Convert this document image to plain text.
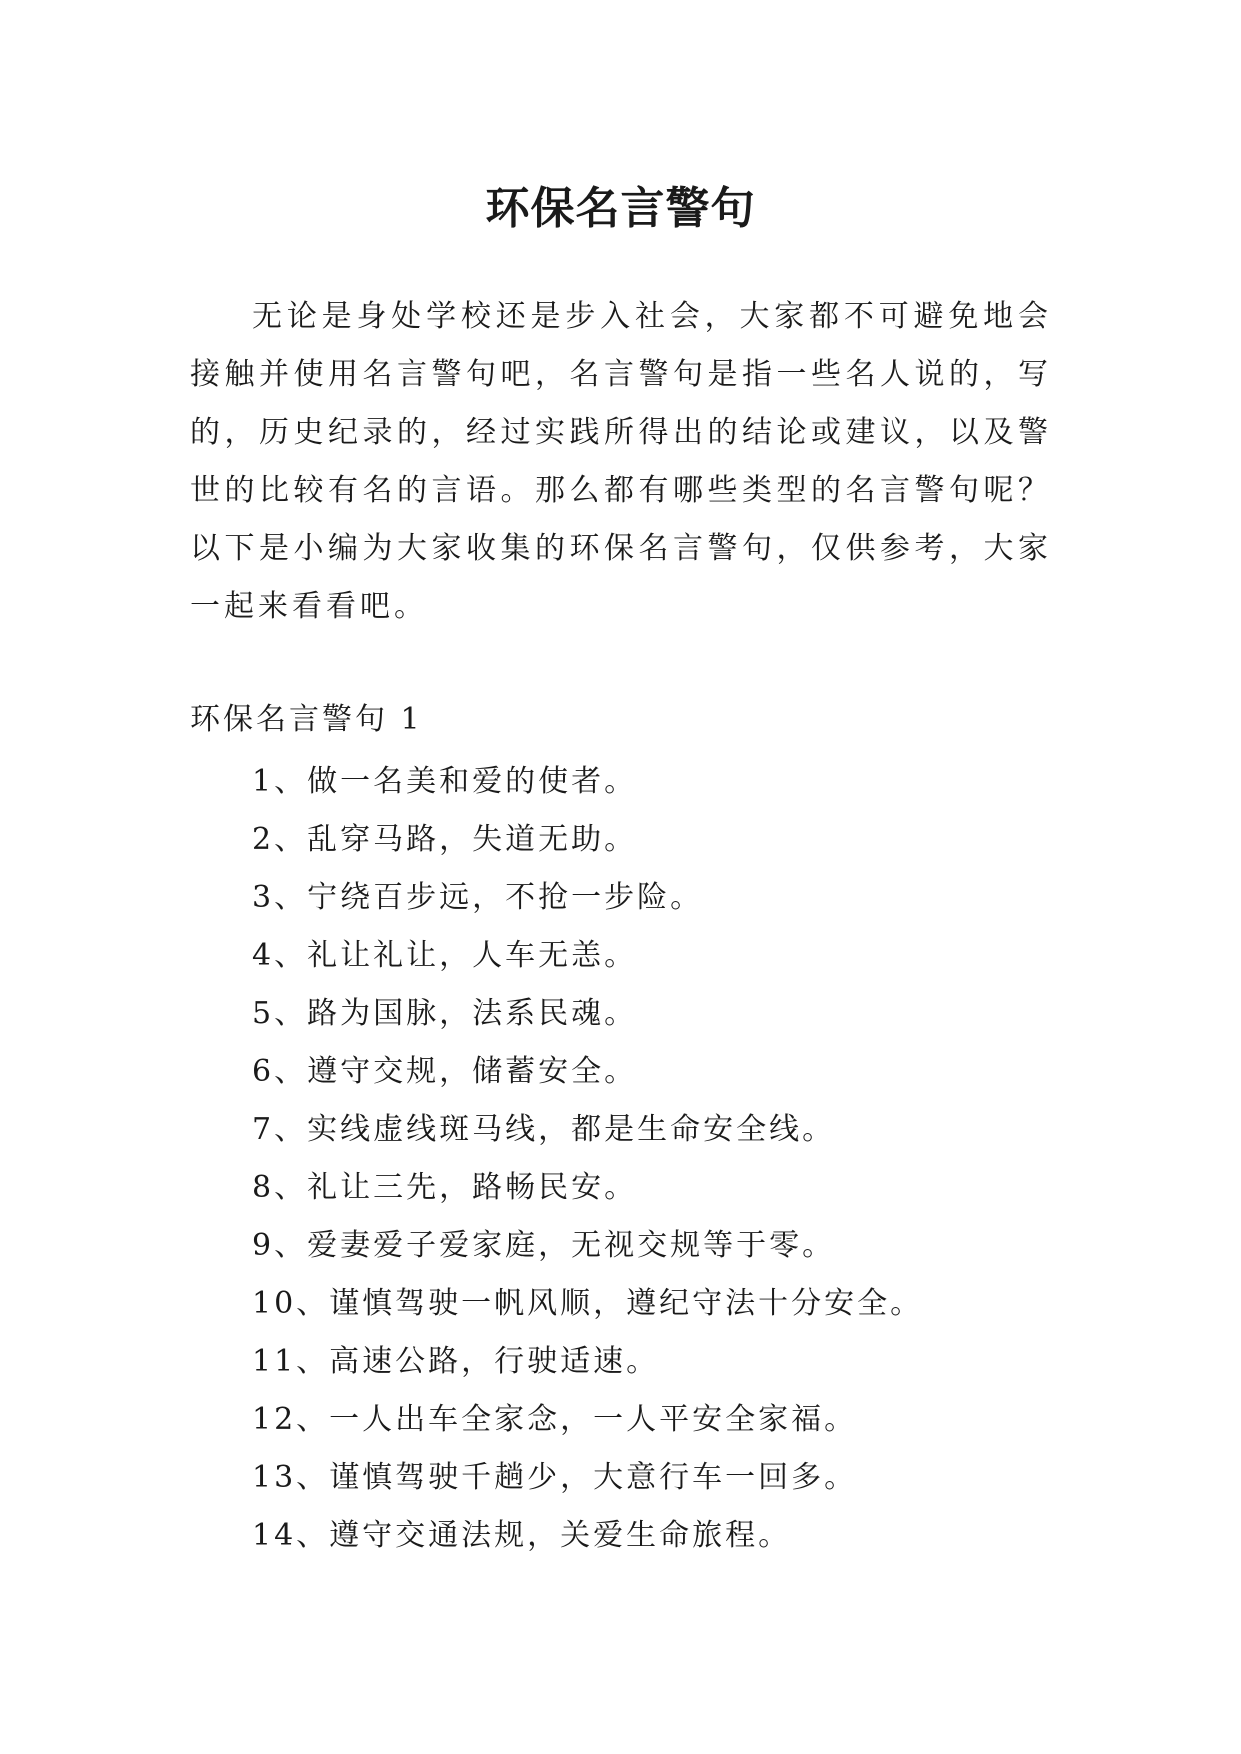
环保名言警句

无论是身处学校还是步入社会，大家都不可避免地会接触并使用名言警句吧，名言警句是指一些名人说的，写的，历史纪录的，经过实践所得出的结论或建议，以及警世的比较有名的言语。那么都有哪些类型的名言警句呢？以下是小编为大家收集的环保名言警句，仅供参考，大家一起来看看吧。

环保名言警句 1

1、做一名美和爱的使者。
2、乱穿马路，失道无助。
3、宁绕百步远，不抢一步险。
4、礼让礼让，人车无恙。
5、路为国脉，法系民魂。
6、遵守交规，储蓄安全。
7、实线虚线斑马线，都是生命安全线。
8、礼让三先，路畅民安。
9、爱妻爱子爱家庭，无视交规等于零。
10、谨慎驾驶一帆风顺，遵纪守法十分安全。
11、高速公路，行驶适速。
12、一人出车全家念，一人平安全家福。
13、谨慎驾驶千趟少，大意行车一回多。
14、遵守交通法规，关爱生命旅程。
